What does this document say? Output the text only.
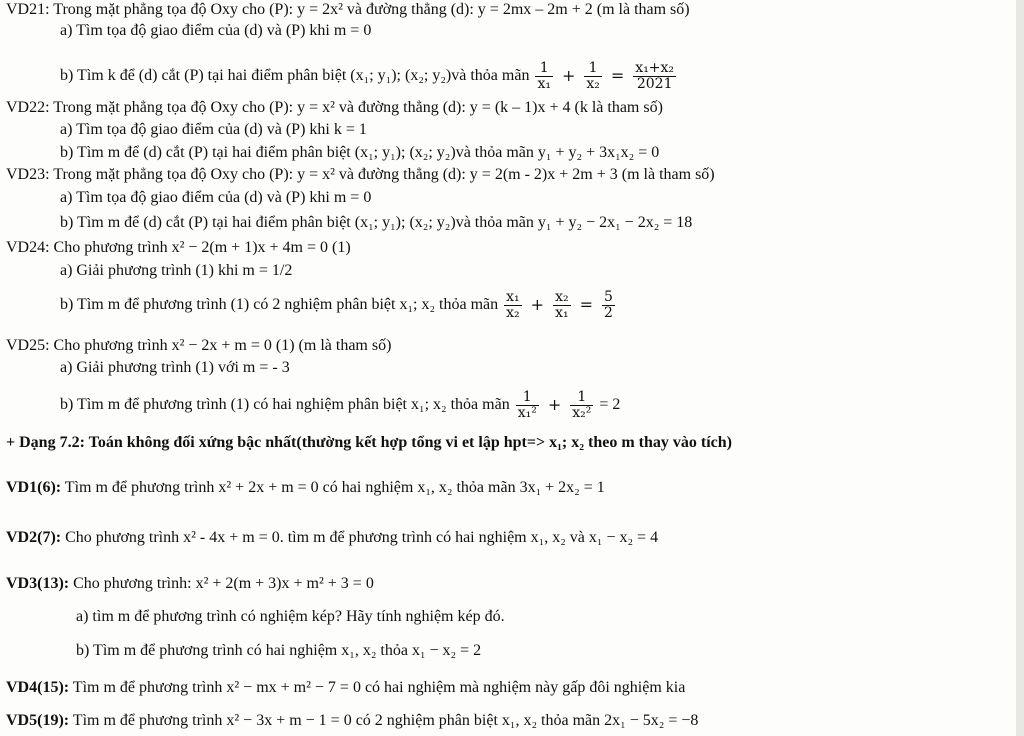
VD21: Trong mặt phẳng tọa độ Oxy cho (P): y = 2x² và đường thẳng (d): y = 2mx – 2m + 2 (m là tham số)
a) Tìm tọa độ giao điểm của (d) và (P) khi m = 0
b) Tìm k để (d) cắt (P) tại hai điểm phân biệt (x₁; y₁); (x₂; y₂)và thỏa mãn $\frac{1}{\text{x₁}} + \frac{1}{\text{x₂}} = \frac{\text{x₁+x₂}}{2021}$
VD22: Trong mặt phẳng tọa độ Oxy cho (P): y = x² và đường thẳng (d): y = (k – 1)x + 4 (k là tham số)
a) Tìm tọa độ giao điểm của (d) và (P) khi k = 1
b) Tìm m để (d) cắt (P) tại hai điểm phân biệt (x₁; y₁); (x₂; y₂)và thỏa mãn y₁ + y₂ + 3x₁x₂ = 0
VD23: Trong mặt phẳng tọa độ Oxy cho (P): y = x² và đường thẳng (d): y = 2(m - 2)x + 2m + 3 (m là tham số)
a) Tìm tọa độ giao điểm của (d) và (P) khi m = 0
b) Tìm m để (d) cắt (P) tại hai điểm phân biệt (x₁; y₁); (x₂; y₂)và thỏa mãn y₁ + y₂ − 2x₁ − 2x₂ = 18
VD24: Cho phương trình x² − 2(m + 1)x + 4m = 0 (1)
a) Giải phương trình (1) khi m = 1/2
b) Tìm m để phương trình (1) có 2 nghiệm phân biệt x₁; x₂ thỏa mãn $\frac{\text{x₁}}{\text{x₂}} + \frac{\text{x₂}}{\text{x₁}} = \frac{5}{2}$
VD25: Cho phương trình x² − 2x + m = 0 (1) (m là tham số)
a) Giải phương trình (1) với m = - 3
b) Tìm m để phương trình (1) có hai nghiệm phân biệt x₁; x₂ thỏa mãn $\frac{1}{\text{x₁²}} + \frac{1}{\text{x₂²}} = 2$
+ Dạng 7.2: Toán không đối xứng bậc nhất(thường kết hợp tổng vi et lập hpt=> x₁; x₂ theo m thay vào tích)
VD1(6): Tìm m để phương trình x² + 2x + m = 0 có hai nghiệm x₁, x₂ thỏa mãn 3x₁ + 2x₂ = 1
VD2(7): Cho phương trình x² - 4x + m = 0. tìm m để phương trình có hai nghiệm x₁, x₂ và x₁ − x₂ = 4
VD3(13): Cho phương trình: x² + 2(m + 3)x + m² + 3 = 0
a) tìm m để phương trình có nghiệm kép? Hãy tính nghiệm kép đó.
b) Tìm m để phương trình có hai nghiệm x₁, x₂ thỏa x₁ − x₂ = 2
VD4(15): Tìm m để phương trình x² − mx + m² − 7 = 0 có hai nghiệm mà nghiệm này gấp đôi nghiệm kia
VD5(19): Tìm m để phương trình x² − 3x + m − 1 = 0 có 2 nghiệm phân biệt x₁, x₂ thỏa mãn 2x₁ − 5x₂ = −8
